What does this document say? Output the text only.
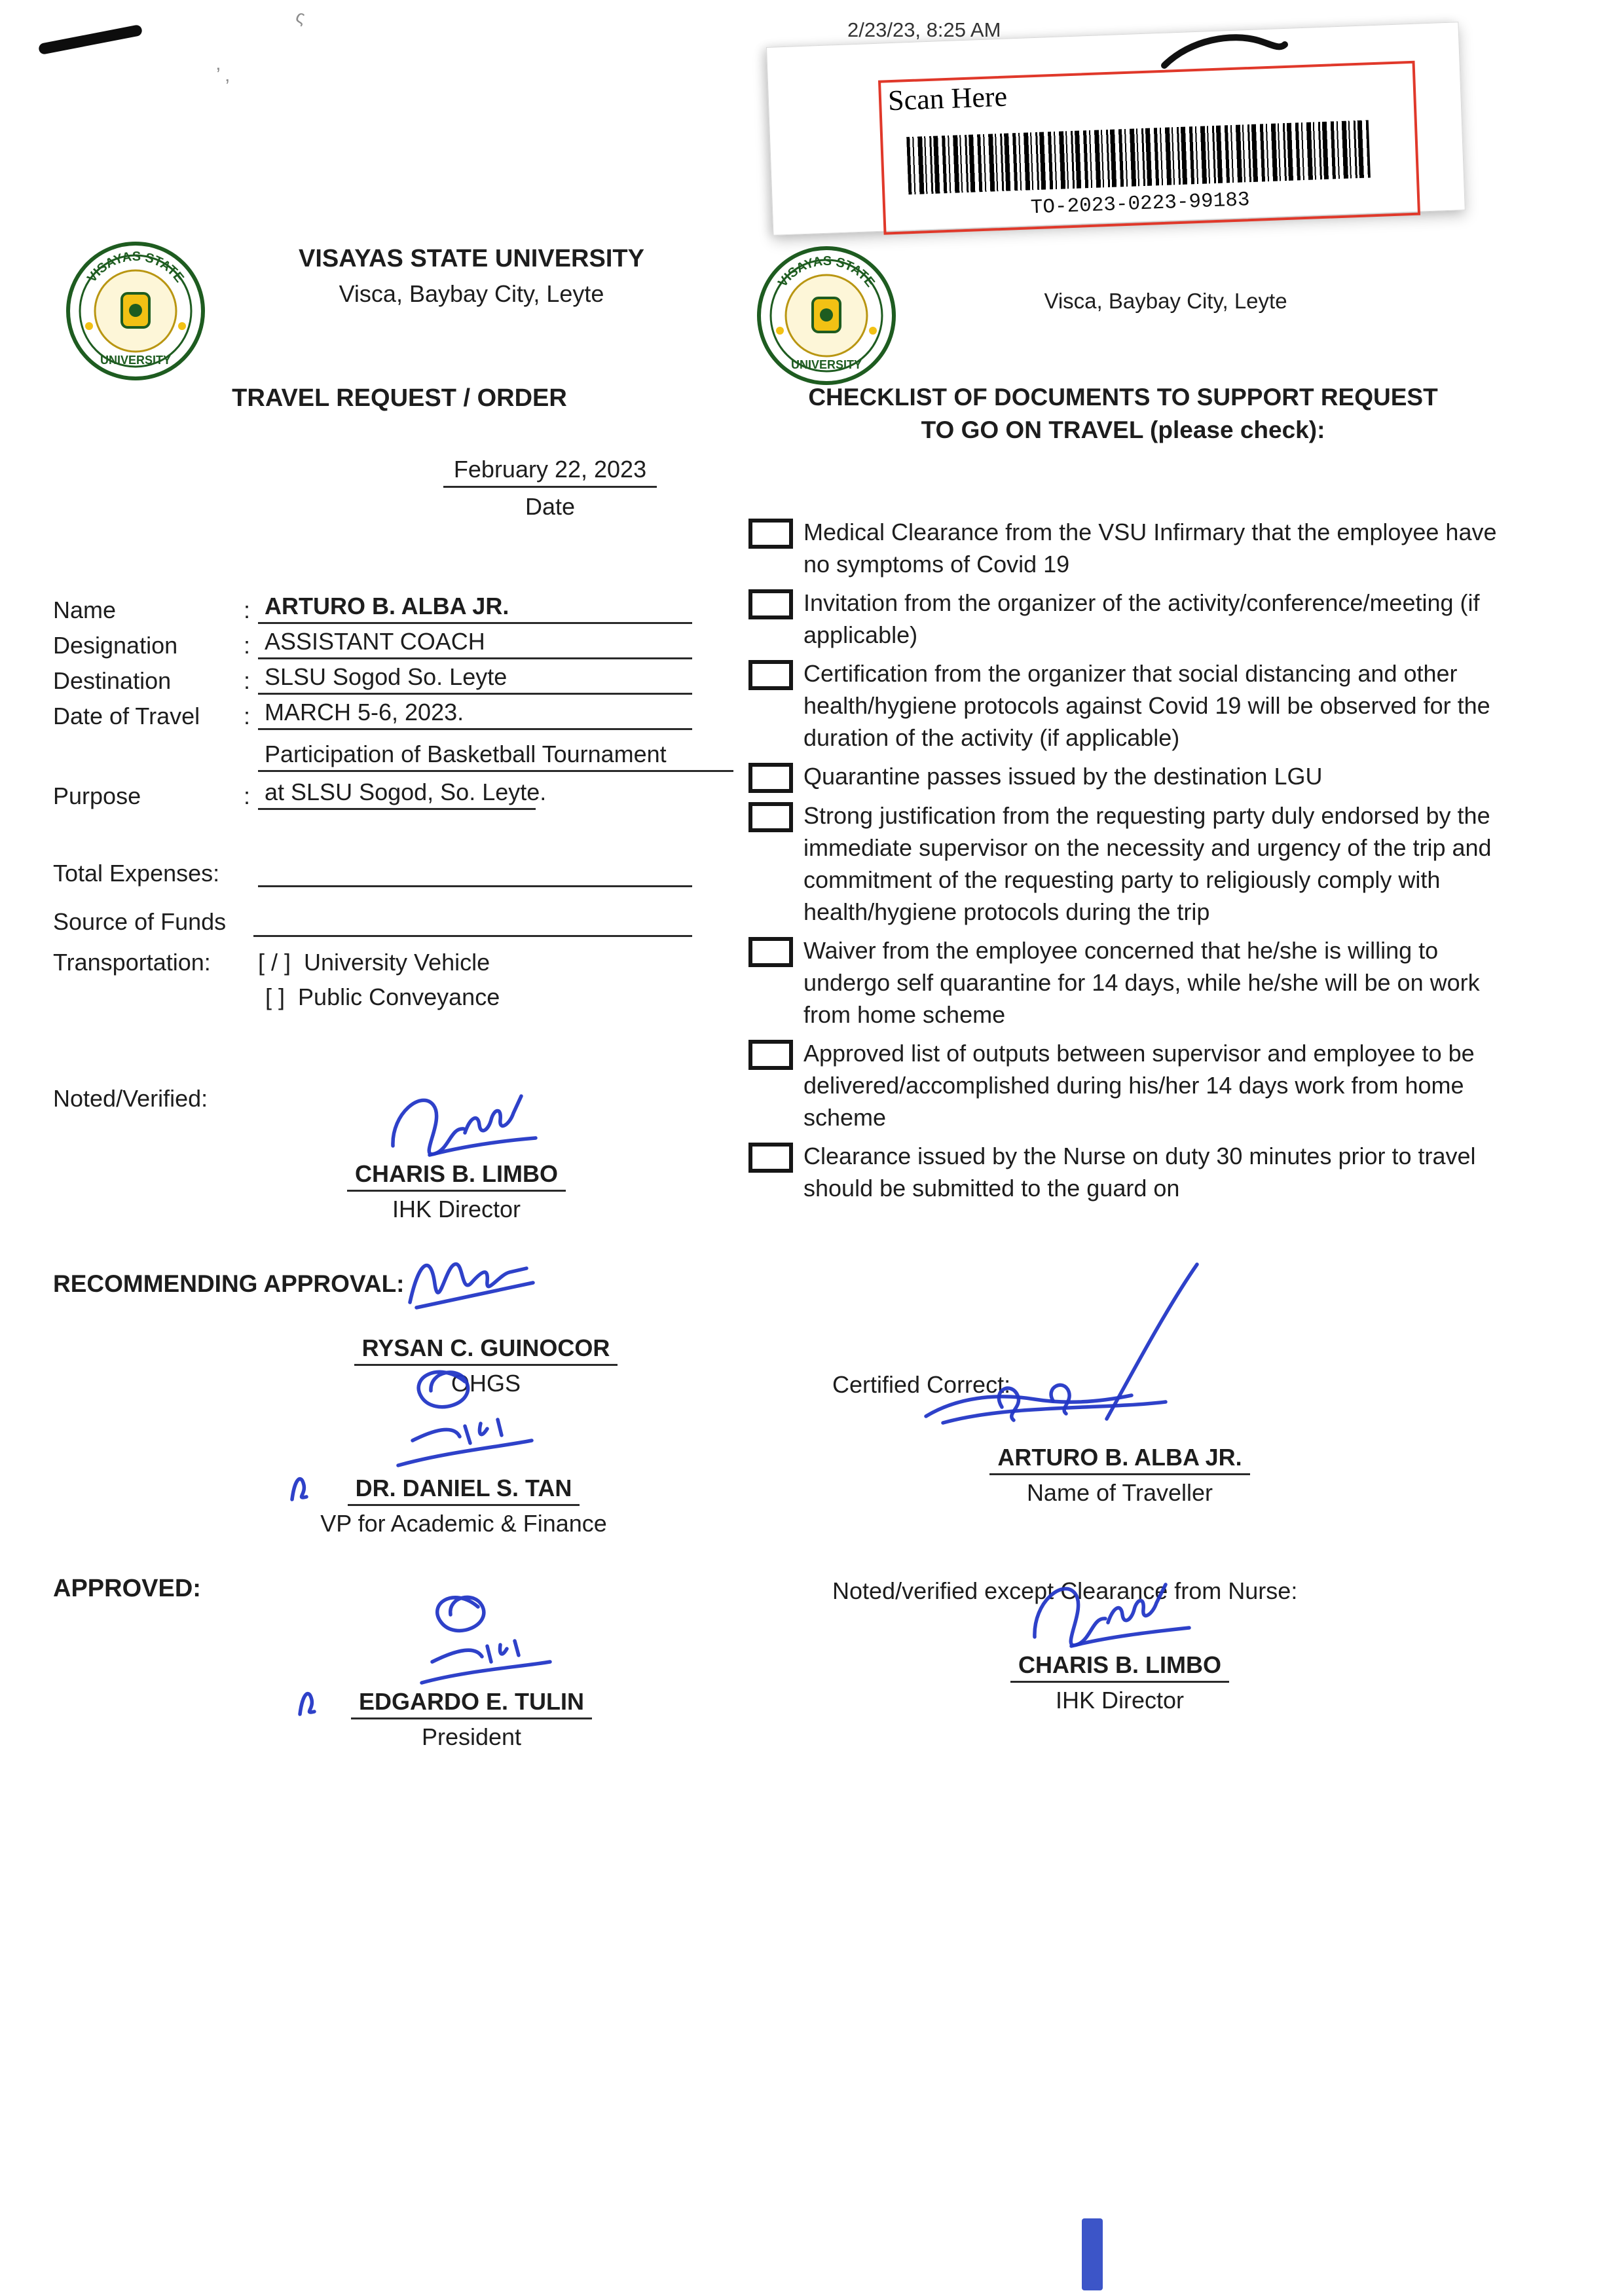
2/23/23, 8:25 AM
’ ‚
ς
Scan Here
TO-2023-0223-99183
VISAYAS STATE UNIVERSITY
Visca, Baybay City, Leyte
TRAVEL REQUEST / ORDER
February 22, 2023
Date
Name	: ARTURO B. ALBA JR.
Designation	: ASSISTANT COACH
Destination	: SLSU Sogod So. Leyte
Date of Travel	: MARCH 5-6, 2023.
Purpose	:
Participation of Basketball Tournament
at SLSU Sogod, So. Leyte.
Total Expenses:
Source of Funds
Transportation: [ / ] University Vehicle
[ ] Public Conveyance
Noted/Verified:
CHARIS B. LIMBO
IHK Director
RECOMMENDING APPROVAL:
RYSAN C. GUINOCOR
OHGS
DR. DANIEL S. TAN
VP for Academic & Finance
APPROVED:
EDGARDO E. TULIN
President
Visca, Baybay City, Leyte
CHECKLIST OF DOCUMENTS TO SUPPORT REQUEST
TO GO ON TRAVEL (please check):
Medical Clearance from the VSU Infirmary that the employee have no symptoms of Covid 19
Invitation from the organizer of the activity/conference/meeting (if applicable)
Certification from the organizer that social distancing and other health/hygiene protocols against Covid 19 will be observed for the duration of the activity (if applicable)
Quarantine passes issued by the destination LGU
Strong justification from the requesting party duly endorsed by the immediate supervisor on the necessity and urgency of the trip and commitment of the requesting party to religiously comply with health/hygiene protocols during the trip
Waiver from the employee concerned that he/she is willing to undergo self quarantine for 14 days, while he/she will be on work from home scheme
Approved list of outputs between supervisor and employee to be delivered/accomplished during his/her 14 days work from home scheme
Clearance issued by the Nurse on duty 30 minutes prior to travel should be submitted to the guard on
Certified Correct:
ARTURO B. ALBA JR.
Name of Traveller
Noted/verified except Clearance from Nurse:
CHARIS B. LIMBO
IHK Director
